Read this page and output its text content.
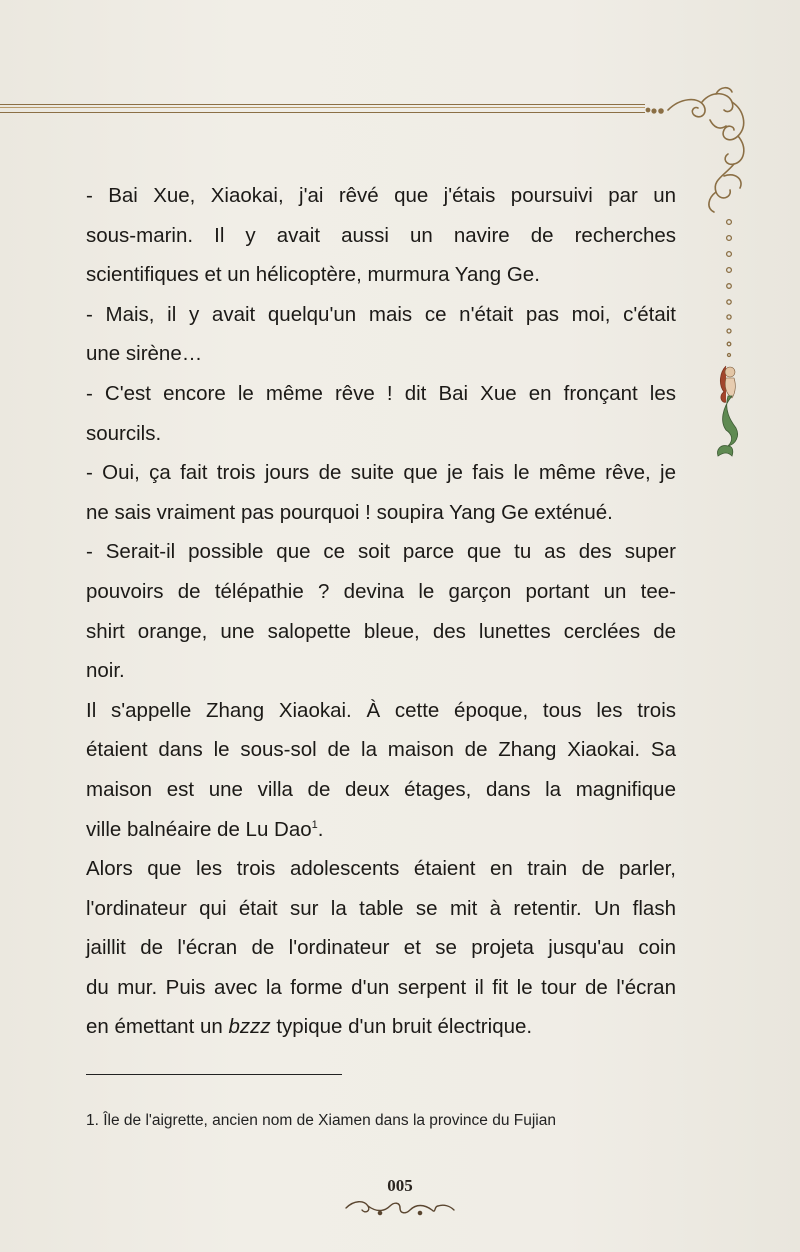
- Bai Xue, Xiaokai, j'ai rêvé que j'étais poursuivi par un

sous-marin. Il y avait aussi un navire de recherches

scientifiques et un hélicoptère, murmura Yang Ge.

- Mais, il y avait quelqu'un mais ce n'était pas moi, c'était

une sirène…

- C'est encore le même rêve ! dit Bai Xue en fronçant les

sourcils.

- Oui, ça fait trois jours de suite que je fais le même rêve, je

ne sais vraiment pas pourquoi ! soupira Yang Ge exténué.

- Serait-il possible que ce soit parce que tu as des super

pouvoirs de télépathie ? devina le garçon portant un tee-

shirt orange, une salopette bleue, des lunettes cerclées de

noir.

Il s'appelle Zhang Xiaokai. À cette époque, tous les trois

étaient dans le sous-sol de la maison de Zhang Xiaokai. Sa

maison est une villa de deux étages, dans la magnifique

ville balnéaire de Lu Dao$^1$.

Alors que les trois adolescents étaient en train de parler,

l'ordinateur qui était sur la table se mit à retentir. Un flash

jaillit de l'écran de l'ordinateur et se projeta jusqu'au coin

du mur. Puis avec la forme d'un serpent il fit le tour de l'écran

en émettant un bzzz typique d'un bruit électrique.

1. Île de l'aigrette, ancien nom de Xiamen dans la province du Fujian
005
